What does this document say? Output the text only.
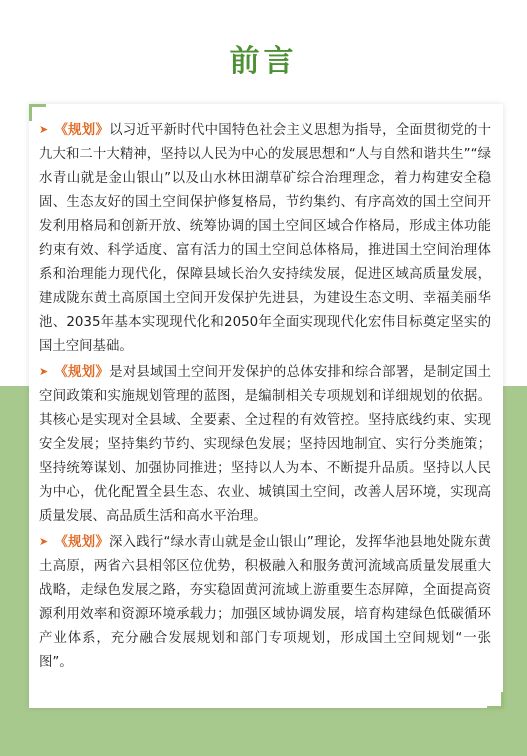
前言

➤ 《规划》以习近平新时代中国特色社会主义思想为指导，全面贯彻党的十九大和二十大精神，坚持以人民为中心的发展思想和“人与自然和谐共生”“绿水青山就是金山银山”以及山水林田湖草矿综合治理理念，着力构建安全稳固、生态友好的国土空间保护修复格局，节约集约、有序高效的国土空间开发利用格局和创新开放、统筹协调的国土空间区域合作格局，形成主体功能约束有效、科学适度、富有活力的国土空间总体格局，推进国土空间治理体系和治理能力现代化，保障县域长治久安持续发展，促进区域高质量发展，建成陇东黄土高原国土空间开发保护先进县，为建设生态文明、幸福美丽华池、2035年基本实现现代化和2050年全面实现现代化宏伟目标奠定坚实的国土空间基础。

➤ 《规划》是对县域国土空间开发保护的总体安排和综合部署，是制定国土空间政策和实施规划管理的蓝图，是编制相关专项规划和详细规划的依据。其核心是实现对全县域、全要素、全过程的有效管控。坚持底线约束、实现安全发展；坚持集约节约、实现绿色发展；坚持因地制宜、实行分类施策；坚持统筹谋划、加强协同推进；坚持以人为本、不断提升品质。坚持以人民为中心，优化配置全县生态、农业、城镇国土空间，改善人居环境，实现高质量发展、高品质生活和高水平治理。

➤ 《规划》深入践行“绿水青山就是金山银山”理论，发挥华池县地处陇东黄土高原，两省六县相邻区位优势，积极融入和服务黄河流域高质量发展重大战略，走绿色发展之路，夯实稳固黄河流域上游重要生态屏障，全面提高资源利用效率和资源环境承载力；加强区域协调发展，培育构建绿色低碳循环产业体系，充分融合发展规划和部门专项规划，形成国土空间规划“一张图”。
